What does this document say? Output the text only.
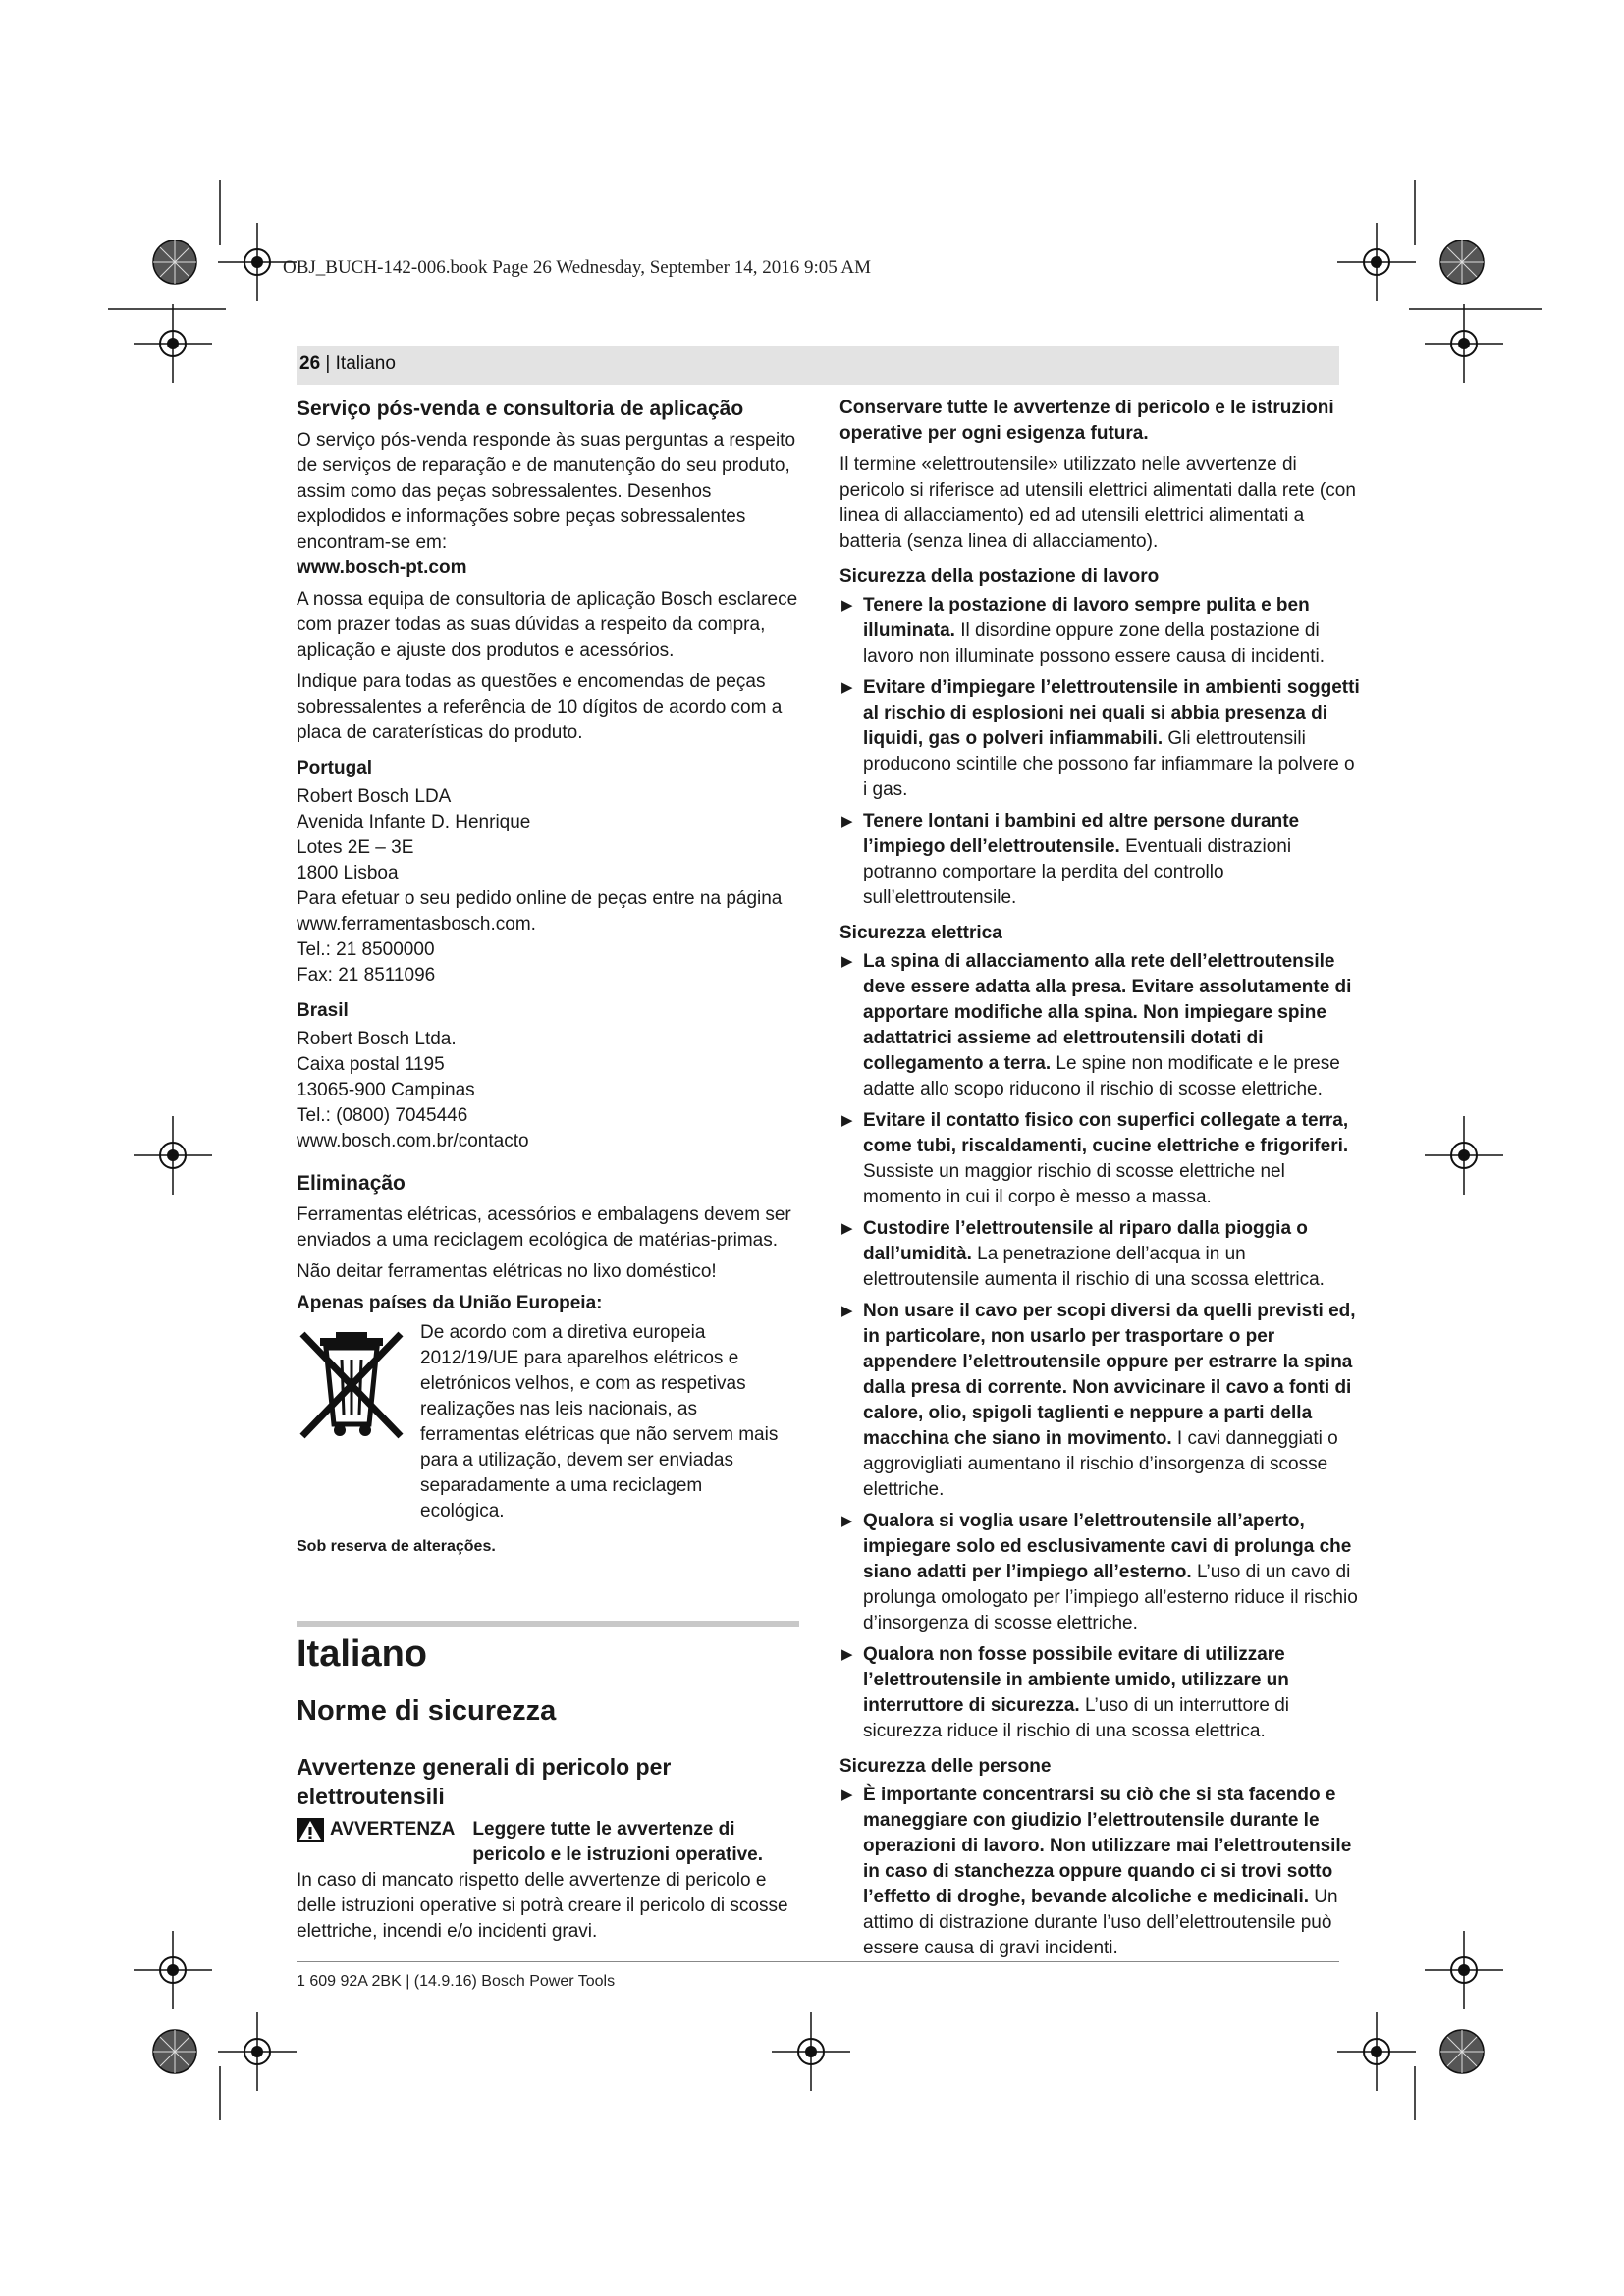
OBJ_BUCH-142-006.book Page 26 Wednesday, September 14, 2016 9:05 AM
26 | Italiano
Serviço pós-venda e consultoria de aplicação

O serviço pós-venda responde às suas perguntas a respeito de serviços de reparação e de manutenção do seu produto, assim como das peças sobressalentes. Desenhos explodidos e informações sobre peças sobressalentes encontram-se em:
www.bosch-pt.com

A nossa equipa de consultoria de aplicação Bosch esclarece com prazer todas as suas dúvidas a respeito da compra, aplicação e ajuste dos produtos e acessórios.

Indique para todas as questões e encomendas de peças sobressalentes a referência de 10 dígitos de acordo com a placa de caraterísticas do produto.

Portugal
Robert Bosch LDA
Avenida Infante D. Henrique
Lotes 2E – 3E
1800 Lisboa
Para efetuar o seu pedido online de peças entre na página www.ferramentasbosch.com.
Tel.: 21 8500000
Fax: 21 8511096
Brasil
Robert Bosch Ltda.
Caixa postal 1195
13065-900 Campinas
Tel.: (0800) 7045446
www.bosch.com.br/contacto
Eliminação

Ferramentas elétricas, acessórios e embalagens devem ser enviados a uma reciclagem ecológica de matérias-primas.

Não deitar ferramentas elétricas no lixo doméstico!

Apenas países da União Europeia:
De acordo com a diretiva europeia 2012/19/UE para aparelhos elétricos e eletrónicos velhos, e com as respetivas realizações nas leis nacionais, as ferramentas elétricas que não servem mais para a utilização, devem ser enviadas separadamente a uma reciclagem ecológica.
Sob reserva de alterações.
Italiano
Norme di sicurezza
Avvertenze generali di pericolo per elettroutensili
AVVERTENZA Leggere tutte le avvertenze di pericolo e le istruzioni operative.

In caso di mancato rispetto delle avvertenze di pericolo e delle istruzioni operative si potrà creare il pericolo di scosse elettriche, incendi e/o incidenti gravi.

Conservare tutte le avvertenze di pericolo e le istruzioni operative per ogni esigenza futura.

Il termine «elettroutensile» utilizzato nelle avvertenze di pericolo si riferisce ad utensili elettrici alimentati dalla rete (con linea di allacciamento) ed ad utensili elettrici alimentati a batteria (senza linea di allacciamento).

Sicurezza della postazione di lavoro
▶ Tenere la postazione di lavoro sempre pulita e ben illuminata. Il disordine oppure zone della postazione di lavoro non illuminate possono essere causa di incidenti.
▶ Evitare d’impiegare l’elettroutensile in ambienti soggetti al rischio di esplosioni nei quali si abbia presenza di liquidi, gas o polveri infiammabili. Gli elettroutensili producono scintille che possono far infiammare la polvere o i gas.
▶ Tenere lontani i bambini ed altre persone durante l’impiego dell’elettroutensile. Eventuali distrazioni potranno comportare la perdita del controllo sull’elettroutensile.
Sicurezza elettrica
▶ La spina di allacciamento alla rete dell’elettroutensile deve essere adatta alla presa. Evitare assolutamente di apportare modifiche alla spina. Non impiegare spine adattatrici assieme ad elettroutensili dotati di collegamento a terra. Le spine non modificate e le prese adatte allo scopo riducono il rischio di scosse elettriche.
▶ Evitare il contatto fisico con superfici collegate a terra, come tubi, riscaldamenti, cucine elettriche e frigoriferi. Sussiste un maggior rischio di scosse elettriche nel momento in cui il corpo è messo a massa.
▶ Custodire l’elettroutensile al riparo dalla pioggia o dall’umidità. La penetrazione dell’acqua in un elettroutensile aumenta il rischio di una scossa elettrica.
▶ Non usare il cavo per scopi diversi da quelli previsti ed, in particolare, non usarlo per trasportare o per appendere l’elettroutensile oppure per estrarre la spina dalla presa di corrente. Non avvicinare il cavo a fonti di calore, olio, spigoli taglienti e neppure a parti della macchina che siano in movimento. I cavi danneggiati o aggrovigliati aumentano il rischio d’insorgenza di scosse elettriche.
▶ Qualora si voglia usare l’elettroutensile all’aperto, impiegare solo ed esclusivamente cavi di prolunga che siano adatti per l’impiego all’esterno. L’uso di un cavo di prolunga omologato per l’impiego all’esterno riduce il rischio d’insorgenza di scosse elettriche.
▶ Qualora non fosse possibile evitare di utilizzare l’elettroutensile in ambiente umido, utilizzare un interruttore di sicurezza. L’uso di un interruttore di sicurezza riduce il rischio di una scossa elettrica.
Sicurezza delle persone
▶ È importante concentrarsi su ciò che si sta facendo e maneggiare con giudizio l’elettroutensile durante le operazioni di lavoro. Non utilizzare mai l’elettroutensile in caso di stanchezza oppure quando ci si trovi sotto l’effetto di droghe, bevande alcoliche e medicinali. Un attimo di distrazione durante l’uso dell’elettroutensile può essere causa di gravi incidenti.
1 609 92A 2BK | (14.9.16) Bosch Power Tools
